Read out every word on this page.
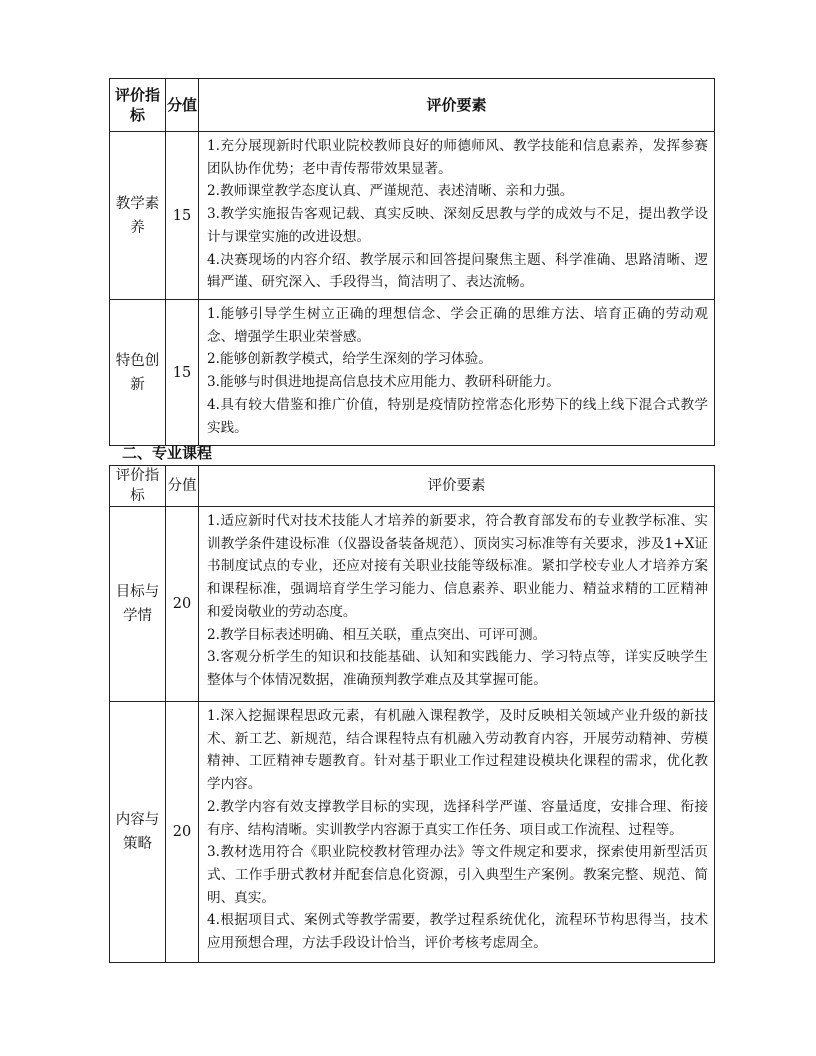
评价指标	分值	评价要素
教学素养	15	1.充分展现新时代职业院校教师良好的师德师风、教学技能和信息素养，发挥参赛团队协作优势；老中青传帮带效果显著。

2.教师课堂教学态度认真、严谨规范、表述清晰、亲和力强。

3.教学实施报告客观记载、真实反映、深刻反思教与学的成效与不足，提出教学设计与课堂实施的改进设想。

4.决赛现场的内容介绍、教学展示和回答提问聚焦主题、科学准确、思路清晰、逻辑严谨、研究深入、手段得当，简洁明了、表达流畅。

特色创新	15	1.能够引导学生树立正确的理想信念、学会正确的思维方法、培育正确的劳动观念、增强学生职业荣誉感。

2.能够创新教学模式，给学生深刻的学习体验。

3.能够与时俱进地提高信息技术应用能力、教研科研能力。

4.具有较大借鉴和推广价值，特别是疫情防控常态化形势下的线上线下混合式教学实践。

二、专业课程

评价指标	分值	评价要素
目标与学情	20	1.适应新时代对技术技能人才培养的新要求，符合教育部发布的专业教学标准、实训教学条件建设标准（仪器设备装备规范）、顶岗实习标准等有关要求，涉及1+X证书制度试点的专业，还应对接有关职业技能等级标准。紧扣学校专业人才培养方案和课程标准，强调培育学生学习能力、信息素养、职业能力、精益求精的工匠精神和爱岗敬业的劳动态度。

2.教学目标表述明确、相互关联，重点突出、可评可测。

3.客观分析学生的知识和技能基础、认知和实践能力、学习特点等，详实反映学生整体与个体情况数据，准确预判教学难点及其掌握可能。

内容与策略	20	1.深入挖掘课程思政元素，有机融入课程教学，及时反映相关领域产业升级的新技术、新工艺、新规范，结合课程特点有机融入劳动教育内容，开展劳动精神、劳模精神、工匠精神专题教育。针对基于职业工作过程建设模块化课程的需求，优化教学内容。

2.教学内容有效支撑教学目标的实现，选择科学严谨、容量适度，安排合理、衔接有序、结构清晰。实训教学内容源于真实工作任务、项目或工作流程、过程等。

3.教材选用符合《职业院校教材管理办法》等文件规定和要求，探索使用新型活页式、工作手册式教材并配套信息化资源，引入典型生产案例。教案完整、规范、简明、真实。

4.根据项目式、案例式等教学需要，教学过程系统优化，流程环节构思得当，技术应用预想合理，方法手段设计恰当，评价考核考虑周全。
